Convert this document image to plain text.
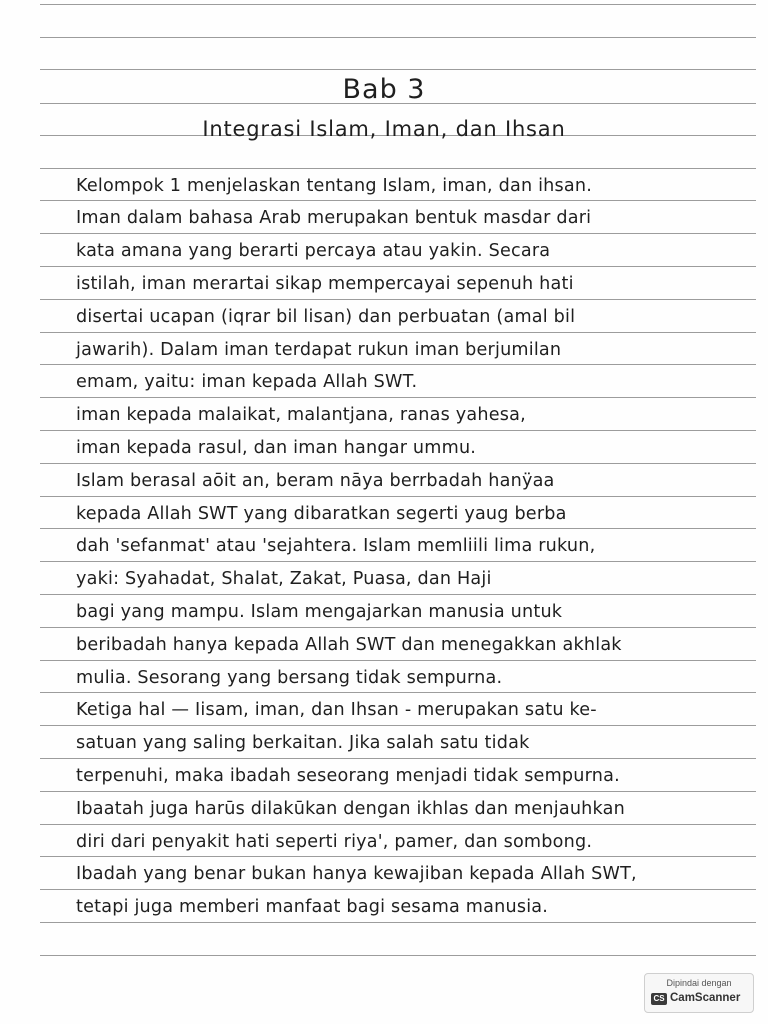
Bab 3
Integrasi Islam, Iman, dan Ihsan
Kelompok 1 menjelaskan tentang Islam, iman, dan ihsan.
Iman dalam bahasa Arab merupakan bentuk masdar dari
kata amana yang berarti percaya atau yakin. Secara
istilah, iman merartai sikap mempercayai sepenuh hati
disertai ucapan (iqrar bil lisan) dan perbuatan (amal bil
jawarih). Dalam iman terdapat rukun iman berjumilan
emam, yaitu: iman kepada Allah SWT.
iman kepada malaikat, malantjana, ranas yahesa,
iman kepada rasul, dan iman hangar ummu.
Islam berasal aōit an, beram nāya berrbadah hanÿaa
kepada Allah SWT yang dibaratkan segerti yaug berba
dah 'sefanmat' atau 'sejahtera. Islam memliili lima rukun,
yaki: Syahadat, Shalat, Zakat, Puasa, dan Haji
bagi yang mampu. Islam mengajarkan manusia untuk
beribadah hanya kepada Allah SWT dan menegakkan akhlak
mulia. Sesorang yang bersang tidak sempurna.
Ketiga hal — Iisam, iman, dan Ihsan - merupakan satu ke-
satuan yang saling berkaitan. Jika salah satu tidak
terpenuhi, maka ibadah seseorang menjadi tidak sempurna.
Ibaatah juga harūs dilakūkan dengan ikhlas dan menjauhkan
diri dari penyakit hati seperti riya', pamer, dan sombong.
Ibadah yang benar bukan hanya kewajiban kepada Allah SWT,
tetapi juga memberi manfaat bagi sesama manusia.
Dipindai dengan
CS CamScanner
